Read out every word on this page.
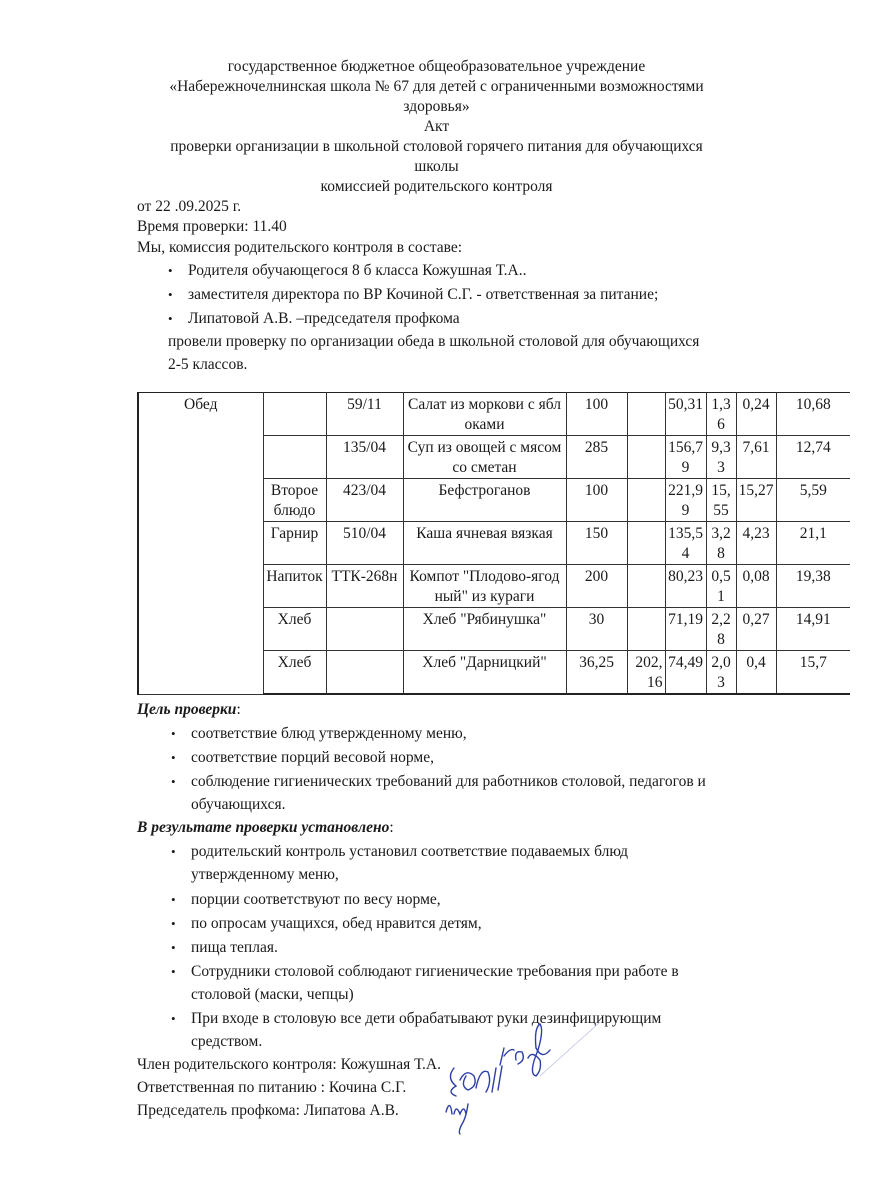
государственное бюджетное общеобразовательное учреждение
«Набережночелнинская школа № 67 для детей с ограниченными возможностями
здоровья»
Акт
проверки организации в школьной столовой горячего питания для обучающихся
школы
комиссией родительского контроля
от 22 .09.2025 г.
Время проверки: 11.40
Мы, комиссия родительского контроля в составе:
• Родителя обучающегося 8 б класса Кожушная Т.А..
• заместителя директора по ВР Кочиной С.Г. - ответственная за питание;
• Липатовой А.В. –председателя профкома
провели проверку по организации обеда в школьной столовой для обучающихся
2-5 классов.
Обед		59/11	Салат из моркови с яблоками	100		50,31	1,36	0,24	10,68
		135/04	Суп из овощей с мясом со сметан	285		156,79	9,33	7,61	12,74
	Второе блюдо	423/04	Бефстроганов	100		221,99	15,55	15,27	5,59
	Гарнир	510/04	Каша ячневая вязкая	150		135,54	3,28	4,23	21,1
	Напиток	ТТК-268н	Компот "Плодово-ягодный" из кураги	200		80,23	0,51	0,08	19,38
	Хлеб		Хлеб "Рябинушка"	30		71,19	2,28	0,27	14,91
	Хлеб		Хлеб "Дарницкий"	36,25	202,16	74,49	2,03	0,4	15,7
Цель проверки:
• соответствие блюд утвержденному меню,
• соответствие порций весовой норме,
• соблюдение гигиенических требований для работников столовой, педагогов и
обучающихся.
В результате проверки установлено:
• родительский контроль установил соответствие подаваемых блюд
утвержденному меню,
• порции соответствуют по весу норме,
• по опросам учащихся, обед нравится детям,
• пища теплая.
• Сотрудники столовой соблюдают гигиенические требования при работе в
столовой (маски, чепцы)
• При входе в столовую все дети обрабатывают руки дезинфицирующим
средством.
Член родительского контроля: Кожушная Т.А.
Ответственная по питанию : Кочина С.Г.
Председатель профкома: Липатова А.В.
